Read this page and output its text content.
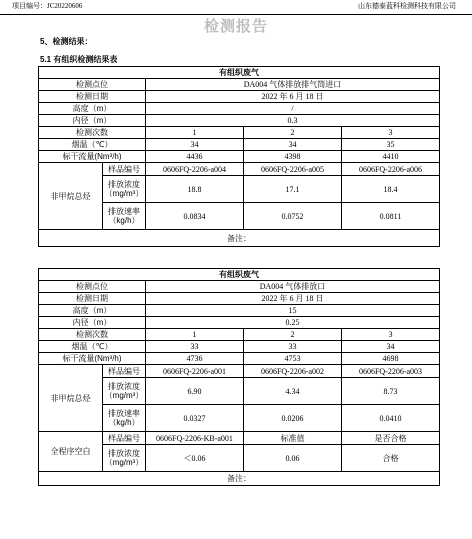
项目编号：JC20220606	山东德泰蓝科检测科技有限公司
检测报告
5、检测结果：
5.1 有组织检测结果表
有组织废气				
检测点位		DA004 气体排放排气筒进口		
检测日期		2022 年 6 月 18 日		
高度（m）		/		
内径（m）		0.3		
检测次数		1	2	3
烟温（℃）		34	34	35
标干流量(Nm³/h)		4436	4398	4410
非甲烷总烃	样品编号	0606FQ-2206-a004	0606FQ-2206-a005	0606FQ-2206-a006
	排放浓度（mg/m³）	18.8	17.1	18.4
	排放速率（kg/h）	0.0834	0.0752	0.0811
备注：				
有组织废气				
检测点位		DA004 气体排放口		
检测日期		2022 年 6 月 18 日		
高度（m）		15		
内径（m）		0.25		
检测次数		1	2	3
烟温（℃）		33	33	34
标干流量(Nm³/h)		4736	4753	4698
非甲烷总烃	样品编号	0606FQ-2206-a001	0606FQ-2206-a002	0606FQ-2206-a003
	排放浓度（mg/m³）	6.90	4.34	8.73
	排放速率（kg/h）	0.0327	0.0206	0.0410
全程序空白	样品编号	0606FQ-2206-KB-a001	标准值	是否合格
	排放浓度（mg/m³）	＜0.06	0.06	合格
备注：				
